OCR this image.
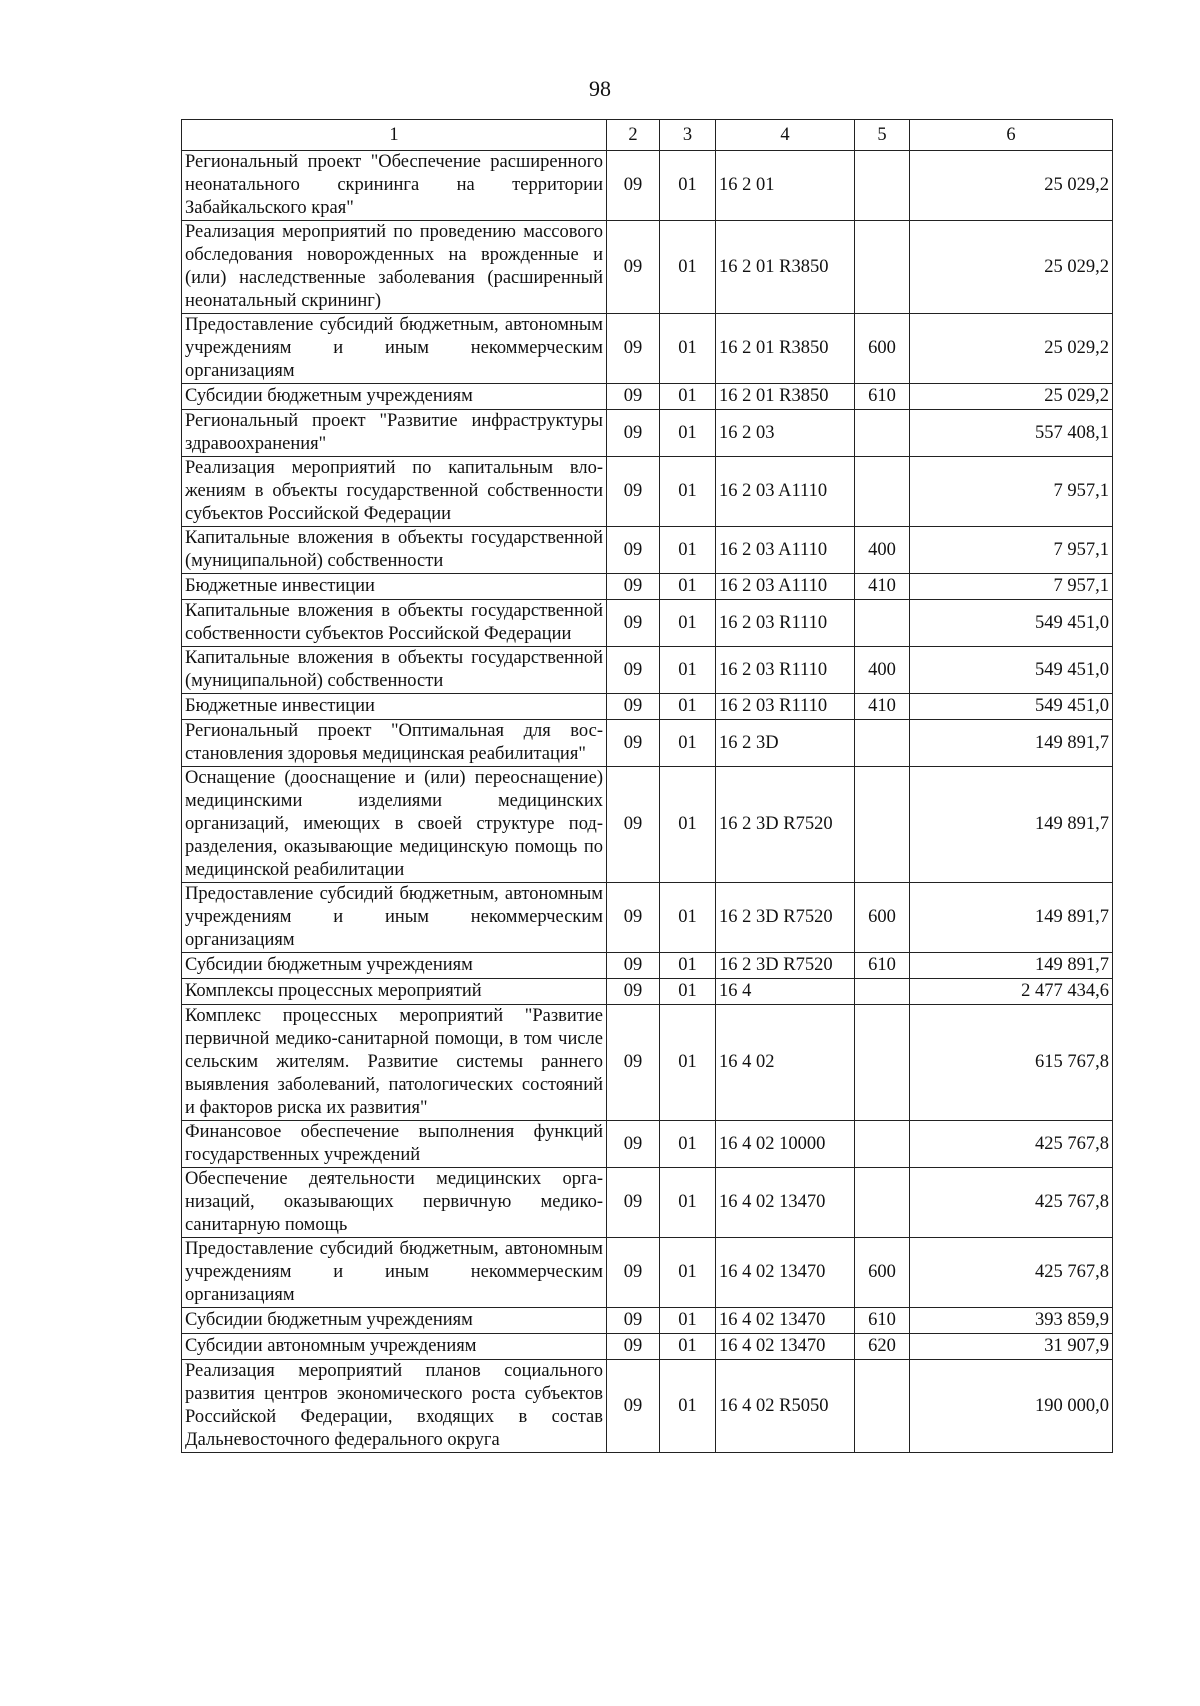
98
1	2	3	4	5	6
Региональный проект "Обеспечение расширенного неонатального скрининга на территории Забайкальского края"	09	01	16 2 01		25 029,2
Реализация мероприятий по проведению массового обследования новорожденных на врожденные и (или) наследственные заболевания (расширенный неонатальный скрининг)	09	01	16 2 01 R3850		25 029,2
Предоставление субсидий бюджетным, автономным учреждениям и иным некоммерческим организациям	09	01	16 2 01 R3850	600	25 029,2
Субсидии бюджетным учреждениям	09	01	16 2 01 R3850	610	25 029,2
Региональный проект "Развитие инфраструктуры здравоохранения"	09	01	16 2 03		557 408,1
Реализация мероприятий по капитальным вложениям в объекты государственной собственности субъектов Российской Федерации	09	01	16 2 03 A1110		7 957,1
Капитальные вложения в объекты государственной (муниципальной) собственности	09	01	16 2 03 A1110	400	7 957,1
Бюджетные инвестиции	09	01	16 2 03 A1110	410	7 957,1
Капитальные вложения в объекты государственной собственности субъектов Российской Федерации	09	01	16 2 03 R1110		549 451,0
Капитальные вложения в объекты государственной (муниципальной) собственности	09	01	16 2 03 R1110	400	549 451,0
Бюджетные инвестиции	09	01	16 2 03 R1110	410	549 451,0
Региональный проект "Оптимальная для восстановления здоровья медицинская реабилитация"	09	01	16 2 3D		149 891,7
Оснащение (дооснащение и (или) переоснащение) медицинскими изделиями медицинских организаций, имеющих в своей структуре подразделения, оказывающие медицинскую помощь по медицинской реабилитации	09	01	16 2 3D R7520		149 891,7
Предоставление субсидий бюджетным, автономным учреждениям и иным некоммерческим организациям	09	01	16 2 3D R7520	600	149 891,7
Субсидии бюджетным учреждениям	09	01	16 2 3D R7520	610	149 891,7
Комплексы процессных мероприятий	09	01	16 4		2 477 434,6
Комплекс процессных мероприятий "Развитие первичной медико-санитарной помощи, в том числе сельским жителям. Развитие системы раннего выявления заболеваний, патологических состояний и факторов риска их развития"	09	01	16 4 02		615 767,8
Финансовое обеспечение выполнения функций государственных учреждений	09	01	16 4 02 10000		425 767,8
Обеспечение деятельности медицинских организаций, оказывающих первичную медико-санитарную помощь	09	01	16 4 02 13470		425 767,8
Предоставление субсидий бюджетным, автономным учреждениям и иным некоммерческим организациям	09	01	16 4 02 13470	600	425 767,8
Субсидии бюджетным учреждениям	09	01	16 4 02 13470	610	393 859,9
Субсидии автономным учреждениям	09	01	16 4 02 13470	620	31 907,9
Реализация мероприятий планов социального развития центров экономического роста субъектов Российской Федерации, входящих в состав Дальневосточного федерального округа	09	01	16 4 02 R5050		190 000,0
